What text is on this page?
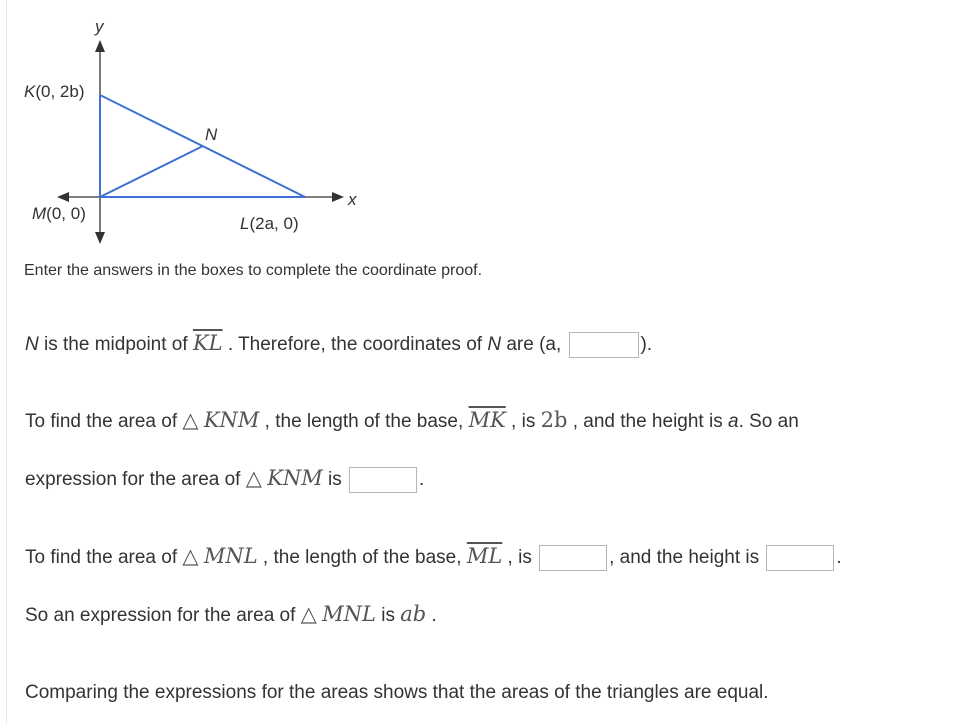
y
x
K(0, 2b)
N
M(0, 0)
L(2a, 0)
Enter the answers in the boxes to complete the coordinate proof.
N is the midpoint of $\overline{KL}$ . Therefore, the coordinates of N are (a,	).
To find the area of △ KNM , the length of the base, $\overline{MK}$ , is 2b , and the height is a. So an
expression for the area of △ KNM is	.
To find the area of △ MNL , the length of the base, $\overline{ML}$ , is	, and the height is	.
So an expression for the area of △ MNL is ab .
Comparing the expressions for the areas shows that the areas of the triangles are equal.
